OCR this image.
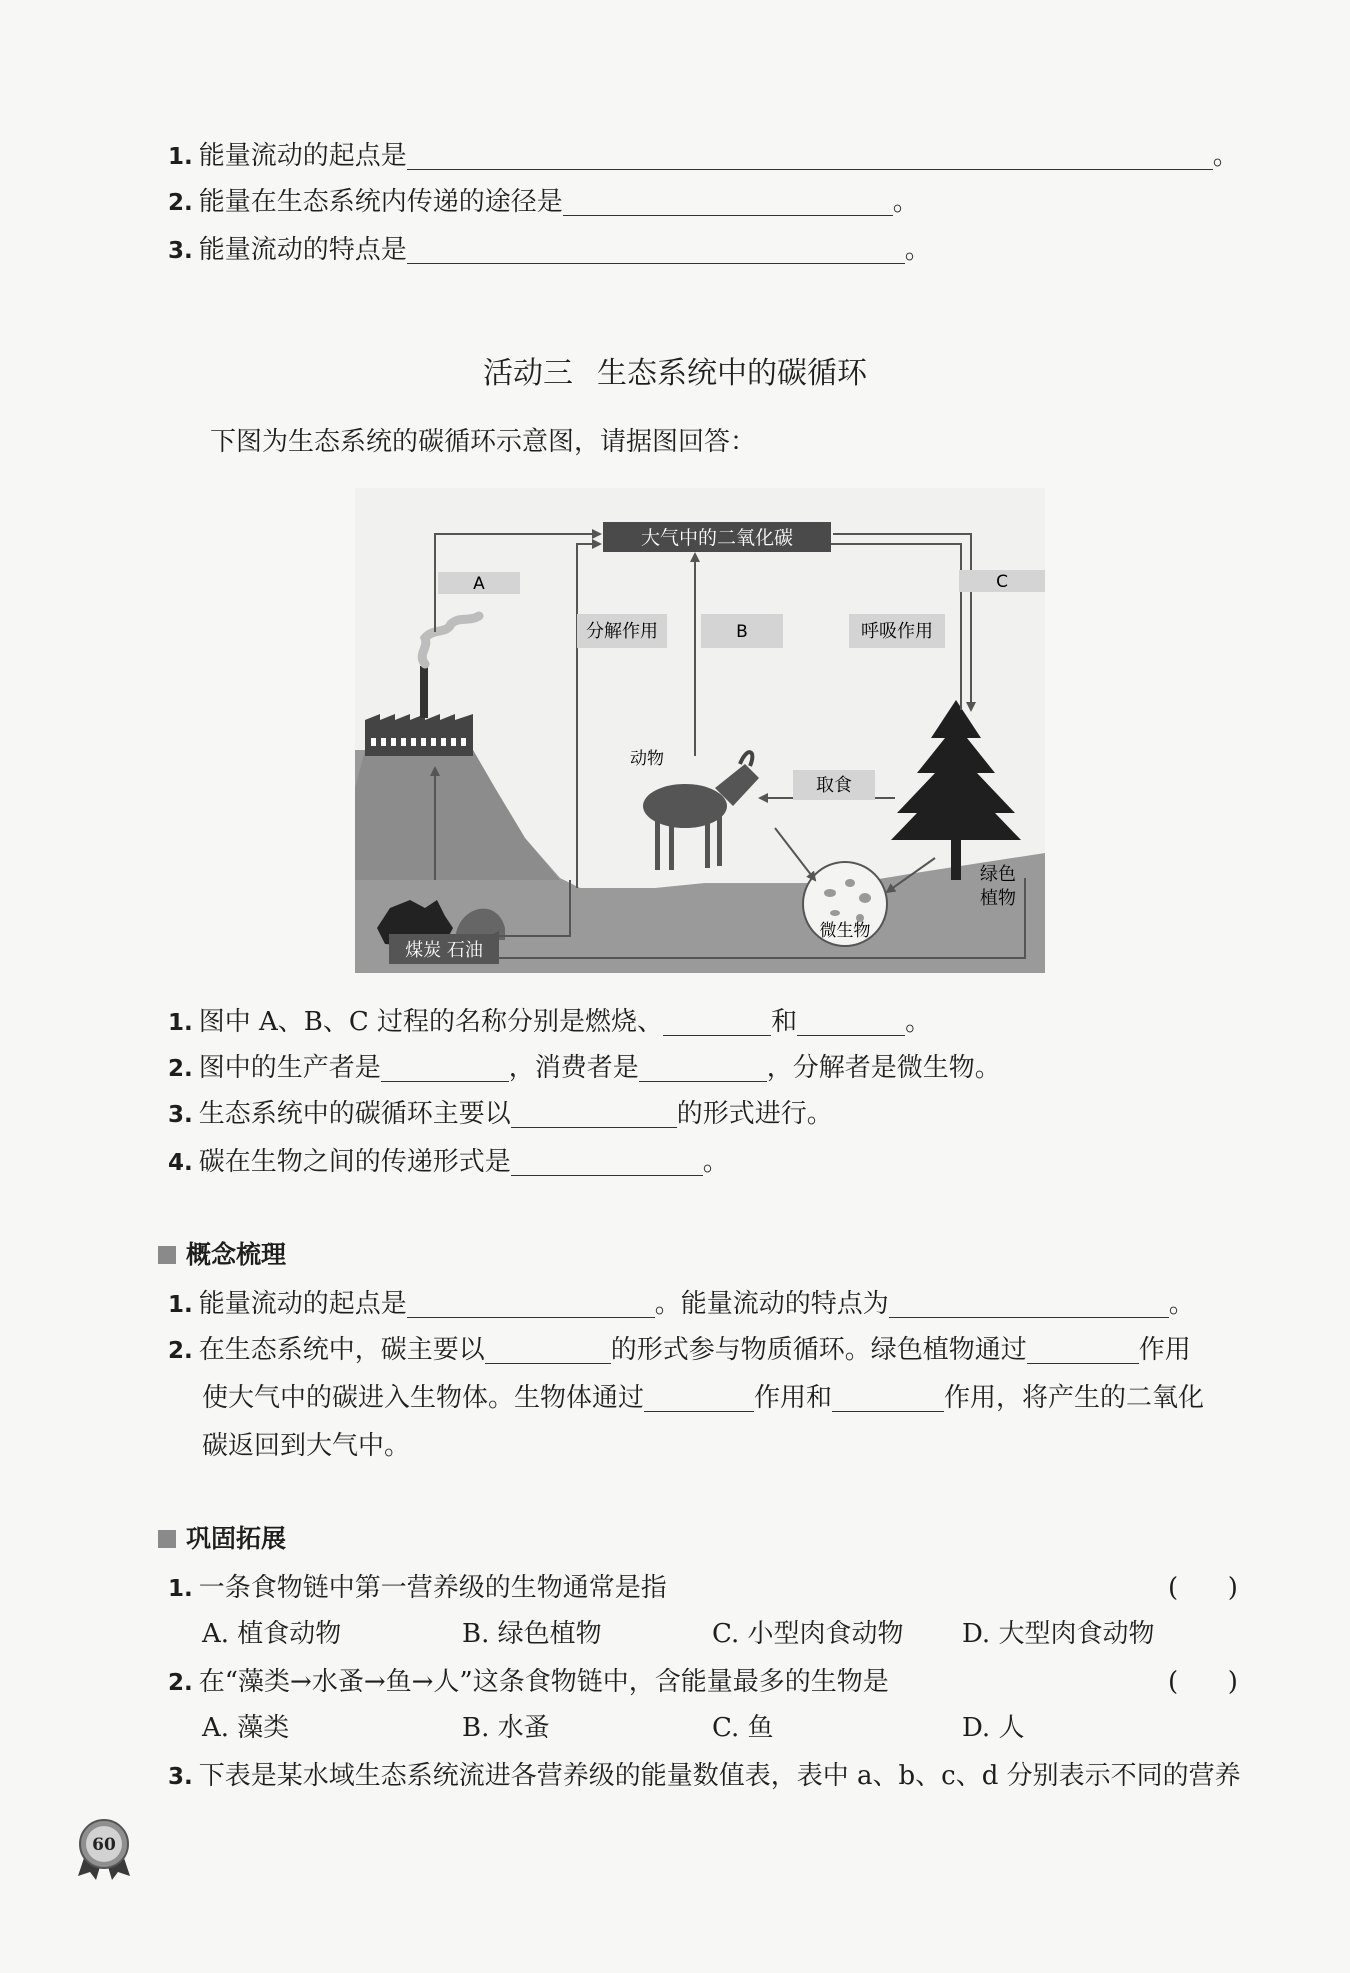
1. 能量流动的起点是	。
2. 能量在生态系统内传递的途径是	。
3. 能量流动的特点是	。
活动三 生态系统中的碳循环
下图为生态系统的碳循环示意图，请据图回答：
大气中的二氧化碳
A	C
分解作用	B	呼吸作用
动物
取食
绿色
植物
微生物
煤炭 石油
1. 图中 A、B、C 过程的名称分别是燃烧、	和	。
2. 图中的生产者是	，消费者是	，分解者是微生物。
3. 生态系统中的碳循环主要以	的形式进行。
4. 碳在生物之间的传递形式是	。
概念梳理
1. 能量流动的起点是	。能量流动的特点为	。
2. 在生态系统中，碳主要以	的形式参与物质循环。绿色植物通过	作用
使大气中的碳进入生物体。生物体通过	作用和	作用，将产生的二氧化
碳返回到大气中。
巩固拓展
1. 一条食物链中第一营养级的生物通常是指	(      )
A. 植食动物	B. 绿色植物	C. 小型肉食动物 D. 大型肉食动物
2. 在“藻类→水蚤→鱼→人”这条食物链中，含能量最多的生物是	(      )
A. 藻类	B. 水蚤	C. 鱼	D. 人
3. 下表是某水域生态系统流进各营养级的能量数值表，表中 a、b、c、d 分别表示不同的营养
60
